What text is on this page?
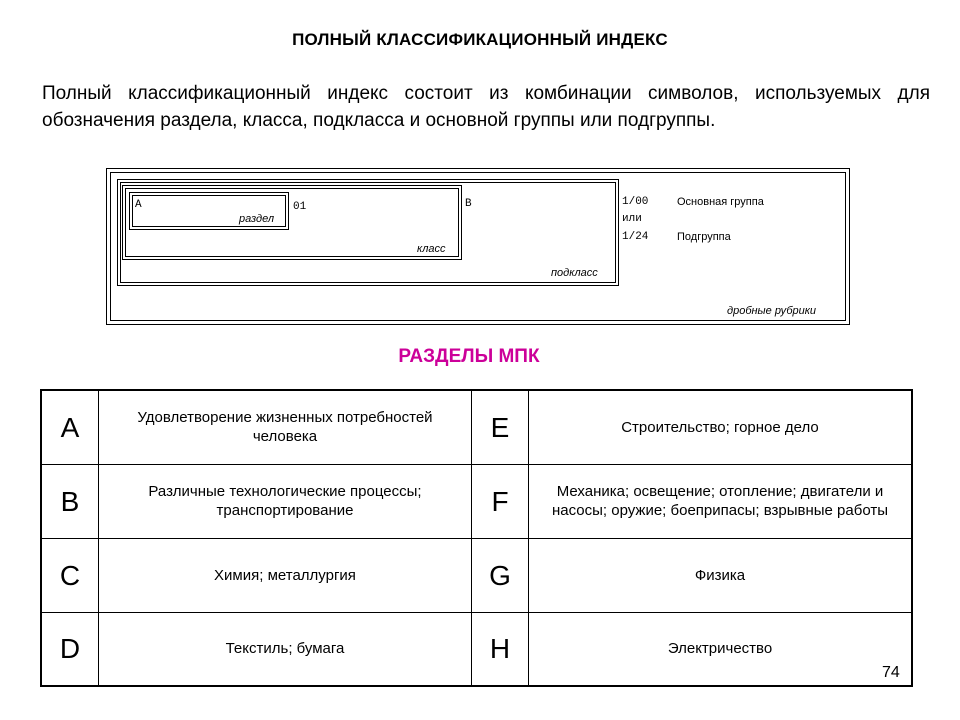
ПОЛНЫЙ КЛАССИФИКАЦИОННЫЙ ИНДЕКС
Полный классификационный индекс состоит из комбинации символов, используемых для обозначения раздела, класса, подкласса и основной группы или подгруппы.
A
раздел
01
класс
B
подкласс
1/00	Основная группа
или
1/24	Подгруппа
дробные рубрики
РАЗДЕЛЫ МПК
A	Удовлетворение жизненных потребностей человека	E	Строительство; горное дело
B	Различные технологические процессы; транспортирование	F	Механика; освещение; отопление; двигатели и насосы; оружие; боеприпасы; взрывные работы
C	Химия; металлургия	G	Физика
D	Текстиль; бумага	H	Электричество
74
